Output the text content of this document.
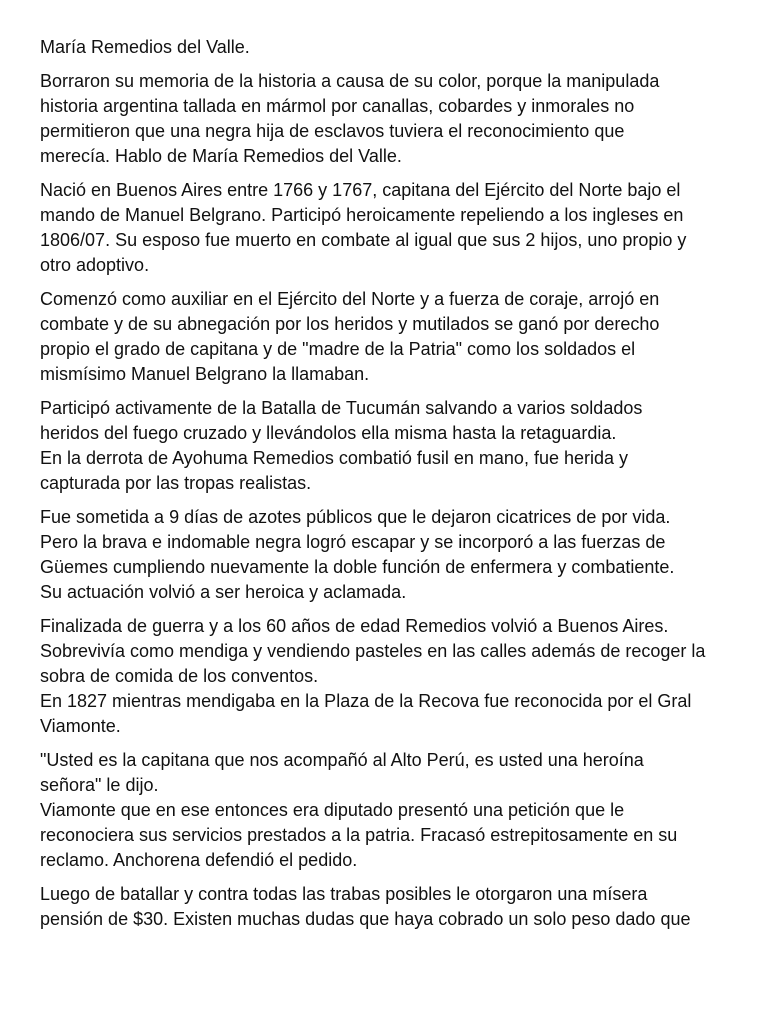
María Remedios del Valle.

Borraron su memoria de la historia a causa de su color, porque la manipulada
historia argentina tallada en mármol por canallas, cobardes y inmorales no
permitieron que una negra hija de esclavos tuviera el reconocimiento que
merecía. Hablo de María Remedios del Valle.

Nació en Buenos Aires entre 1766 y 1767, capitana del Ejército del Norte bajo el
mando de Manuel Belgrano. Participó heroicamente repeliendo a los ingleses en
1806/07. Su esposo fue muerto en combate al igual que sus 2 hijos, uno propio y
otro adoptivo.

Comenzó como auxiliar en el Ejército del Norte y a fuerza de coraje, arrojó en
combate y de su abnegación por los heridos y mutilados se ganó por derecho
propio el grado de capitana y de "madre de la Patria" como los soldados el
mismísimo Manuel Belgrano la llamaban.

Participó activamente de la Batalla de Tucumán salvando a varios soldados
heridos del fuego cruzado y llevándolos ella misma hasta la retaguardia.
En la derrota de Ayohuma Remedios combatió fusil en mano, fue herida y
capturada por las tropas realistas.

Fue sometida a 9 días de azotes públicos que le dejaron cicatrices de por vida.
Pero la brava e indomable negra logró escapar y se incorporó a las fuerzas de
Güemes cumpliendo nuevamente la doble función de enfermera y combatiente.
Su actuación volvió a ser heroica y aclamada.

Finalizada de guerra y a los 60 años de edad Remedios volvió a Buenos Aires.
Sobrevivía como mendiga y vendiendo pasteles en las calles además de recoger la
sobra de comida de los conventos.
En 1827 mientras mendigaba en la Plaza de la Recova fue reconocida por el Gral
Viamonte.

"Usted es la capitana que nos acompañó al Alto Perú, es usted una heroína
señora" le dijo.
Viamonte que en ese entonces era diputado presentó una petición que le
reconociera sus servicios prestados a la patria. Fracasó estrepitosamente en su
reclamo. Anchorena defendió el pedido.

Luego de batallar y contra todas las trabas posibles le otorgaron una mísera
pensión de $30. Existen muchas dudas que haya cobrado un solo peso dado que
